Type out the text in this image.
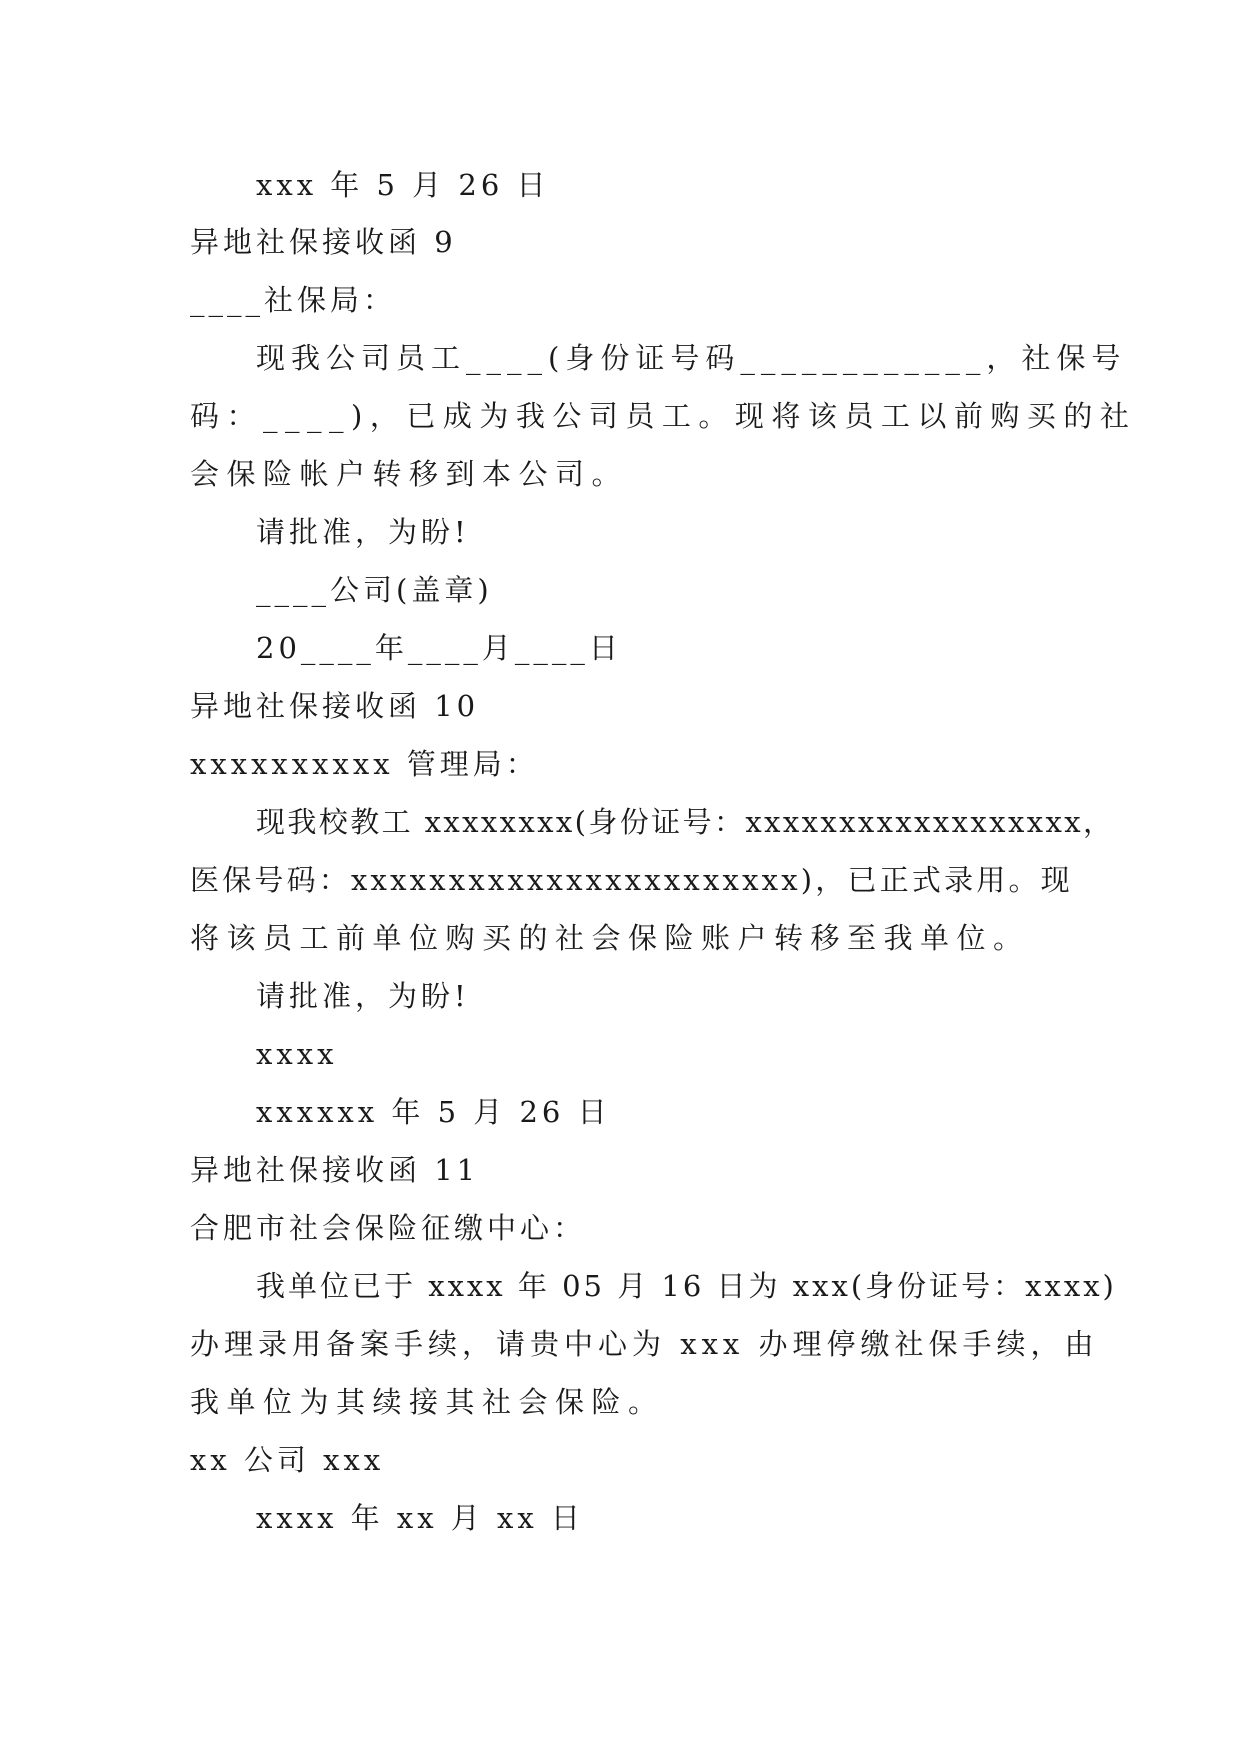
xxx 年 5 月 26 日
异地社保接收函 9
____社保局：
现我公司员工____(身份证号码____________，社保号
码：____)，已成为我公司员工。现将该员工以前购买的社
会保险帐户转移到本公司。
请批准，为盼!
____公司(盖章)
20____年____月____日
异地社保接收函 10
xxxxxxxxxx 管理局：
现我校教工 xxxxxxxx(身份证号：xxxxxxxxxxxxxxxxxx，
医保号码：xxxxxxxxxxxxxxxxxxxxxxx)，已正式录用。现
将该员工前单位购买的社会保险账户转移至我单位。
请批准，为盼!
xxxx
xxxxxx 年 5 月 26 日
异地社保接收函 11
合肥市社会保险征缴中心：
我单位已于 xxxx 年 05 月 16 日为 xxx(身份证号：xxxx)
办理录用备案手续，请贵中心为 xxx 办理停缴社保手续，由
我单位为其续接其社会保险。
xx 公司 xxx
xxxx 年 xx 月 xx 日
